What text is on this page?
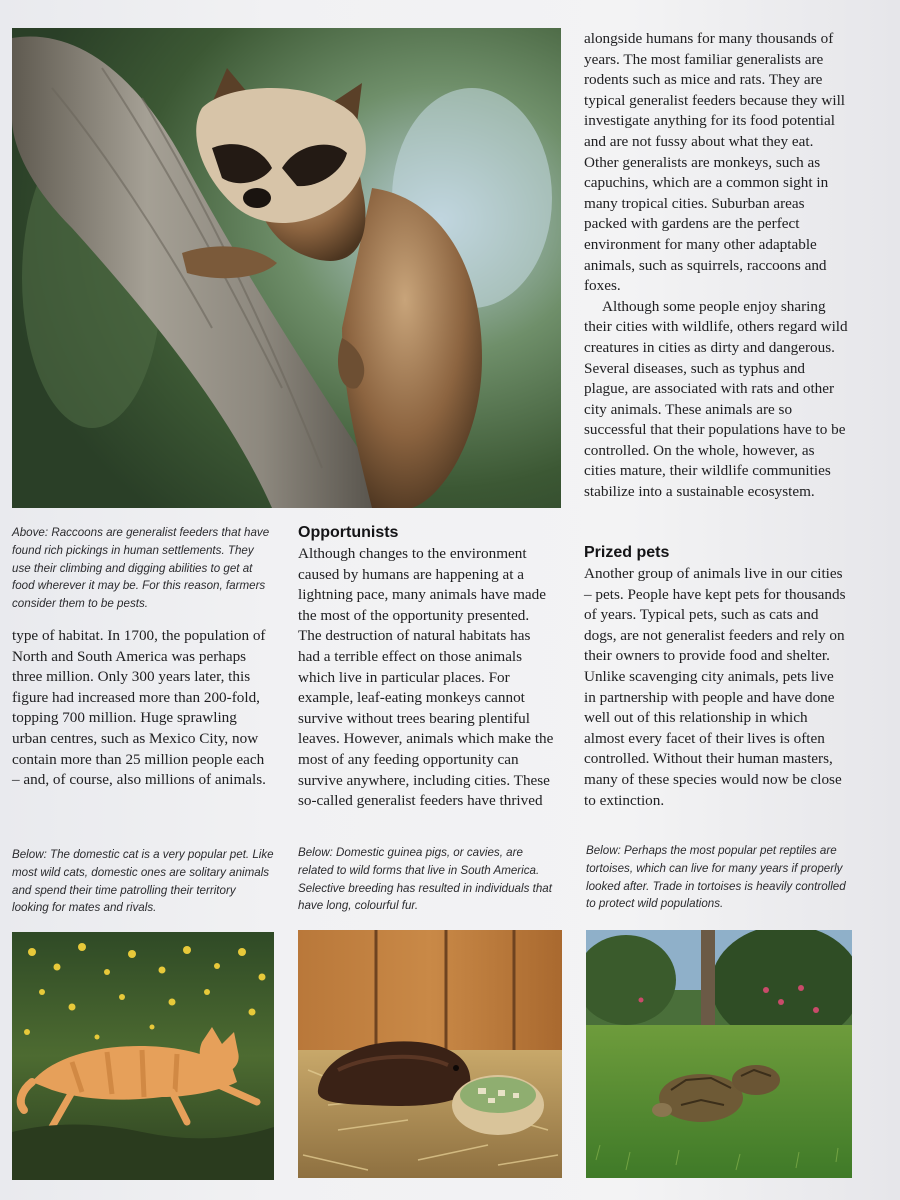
Above: Raccoons are generalist feeders that have found rich pickings in human settlements. They use their climbing and digging abilities to get at food wherever it may be. For this reason, farmers consider them to be pests.

type of habitat. In 1700, the population of North and South America was perhaps three million. Only 300 years later, this figure had increased more than 200-fold, topping 700 million. Huge sprawling urban centres, such as Mexico City, now contain more than 25 million people each – and, of course, also millions of animals.

Opportunists

Although changes to the environment caused by humans are happening at a lightning pace, many animals have made the most of the opportunity presented. The destruction of natural habitats has had a terrible effect on those animals which live in particular places. For example, leaf-eating monkeys cannot survive without trees bearing plentiful leaves. However, animals which make the most of any feeding opportunity can survive anywhere, including cities. These so-called generalist feeders have thrived

alongside humans for many thousands of years. The most familiar generalists are rodents such as mice and rats. They are typical generalist feeders because they will investigate anything for its food potential and are not fussy about what they eat. Other generalists are monkeys, such as capuchins, which are a common sight in many tropical cities. Suburban areas packed with gardens are the perfect environment for many other adaptable animals, such as squirrels, raccoons and foxes.

Although some people enjoy sharing their cities with wildlife, others regard wild creatures in cities as dirty and dangerous. Several diseases, such as typhus and plague, are associated with rats and other city animals. These animals are so successful that their populations have to be controlled. On the whole, however, as cities mature, their wildlife communities stabilize into a sustainable ecosystem.

Prized pets

Another group of animals live in our cities – pets. People have kept pets for thousands of years. Typical pets, such as cats and dogs, are not generalist feeders and rely on their owners to provide food and shelter. Unlike scavenging city animals, pets live in partnership with people and have done well out of this relationship in which almost every facet of their lives is often controlled. Without their human masters, many of these species would now be close to extinction.

Below: The domestic cat is a very popular pet. Like most wild cats, domestic ones are solitary animals and spend their time patrolling their territory looking for mates and rivals.
Below: Domestic guinea pigs, or cavies, are related to wild forms that live in South America. Selective breeding has resulted in individuals that have long, colourful fur.
Below: Perhaps the most popular pet reptiles are tortoises, which can live for many years if properly looked after. Trade in tortoises is heavily controlled to protect wild populations.
